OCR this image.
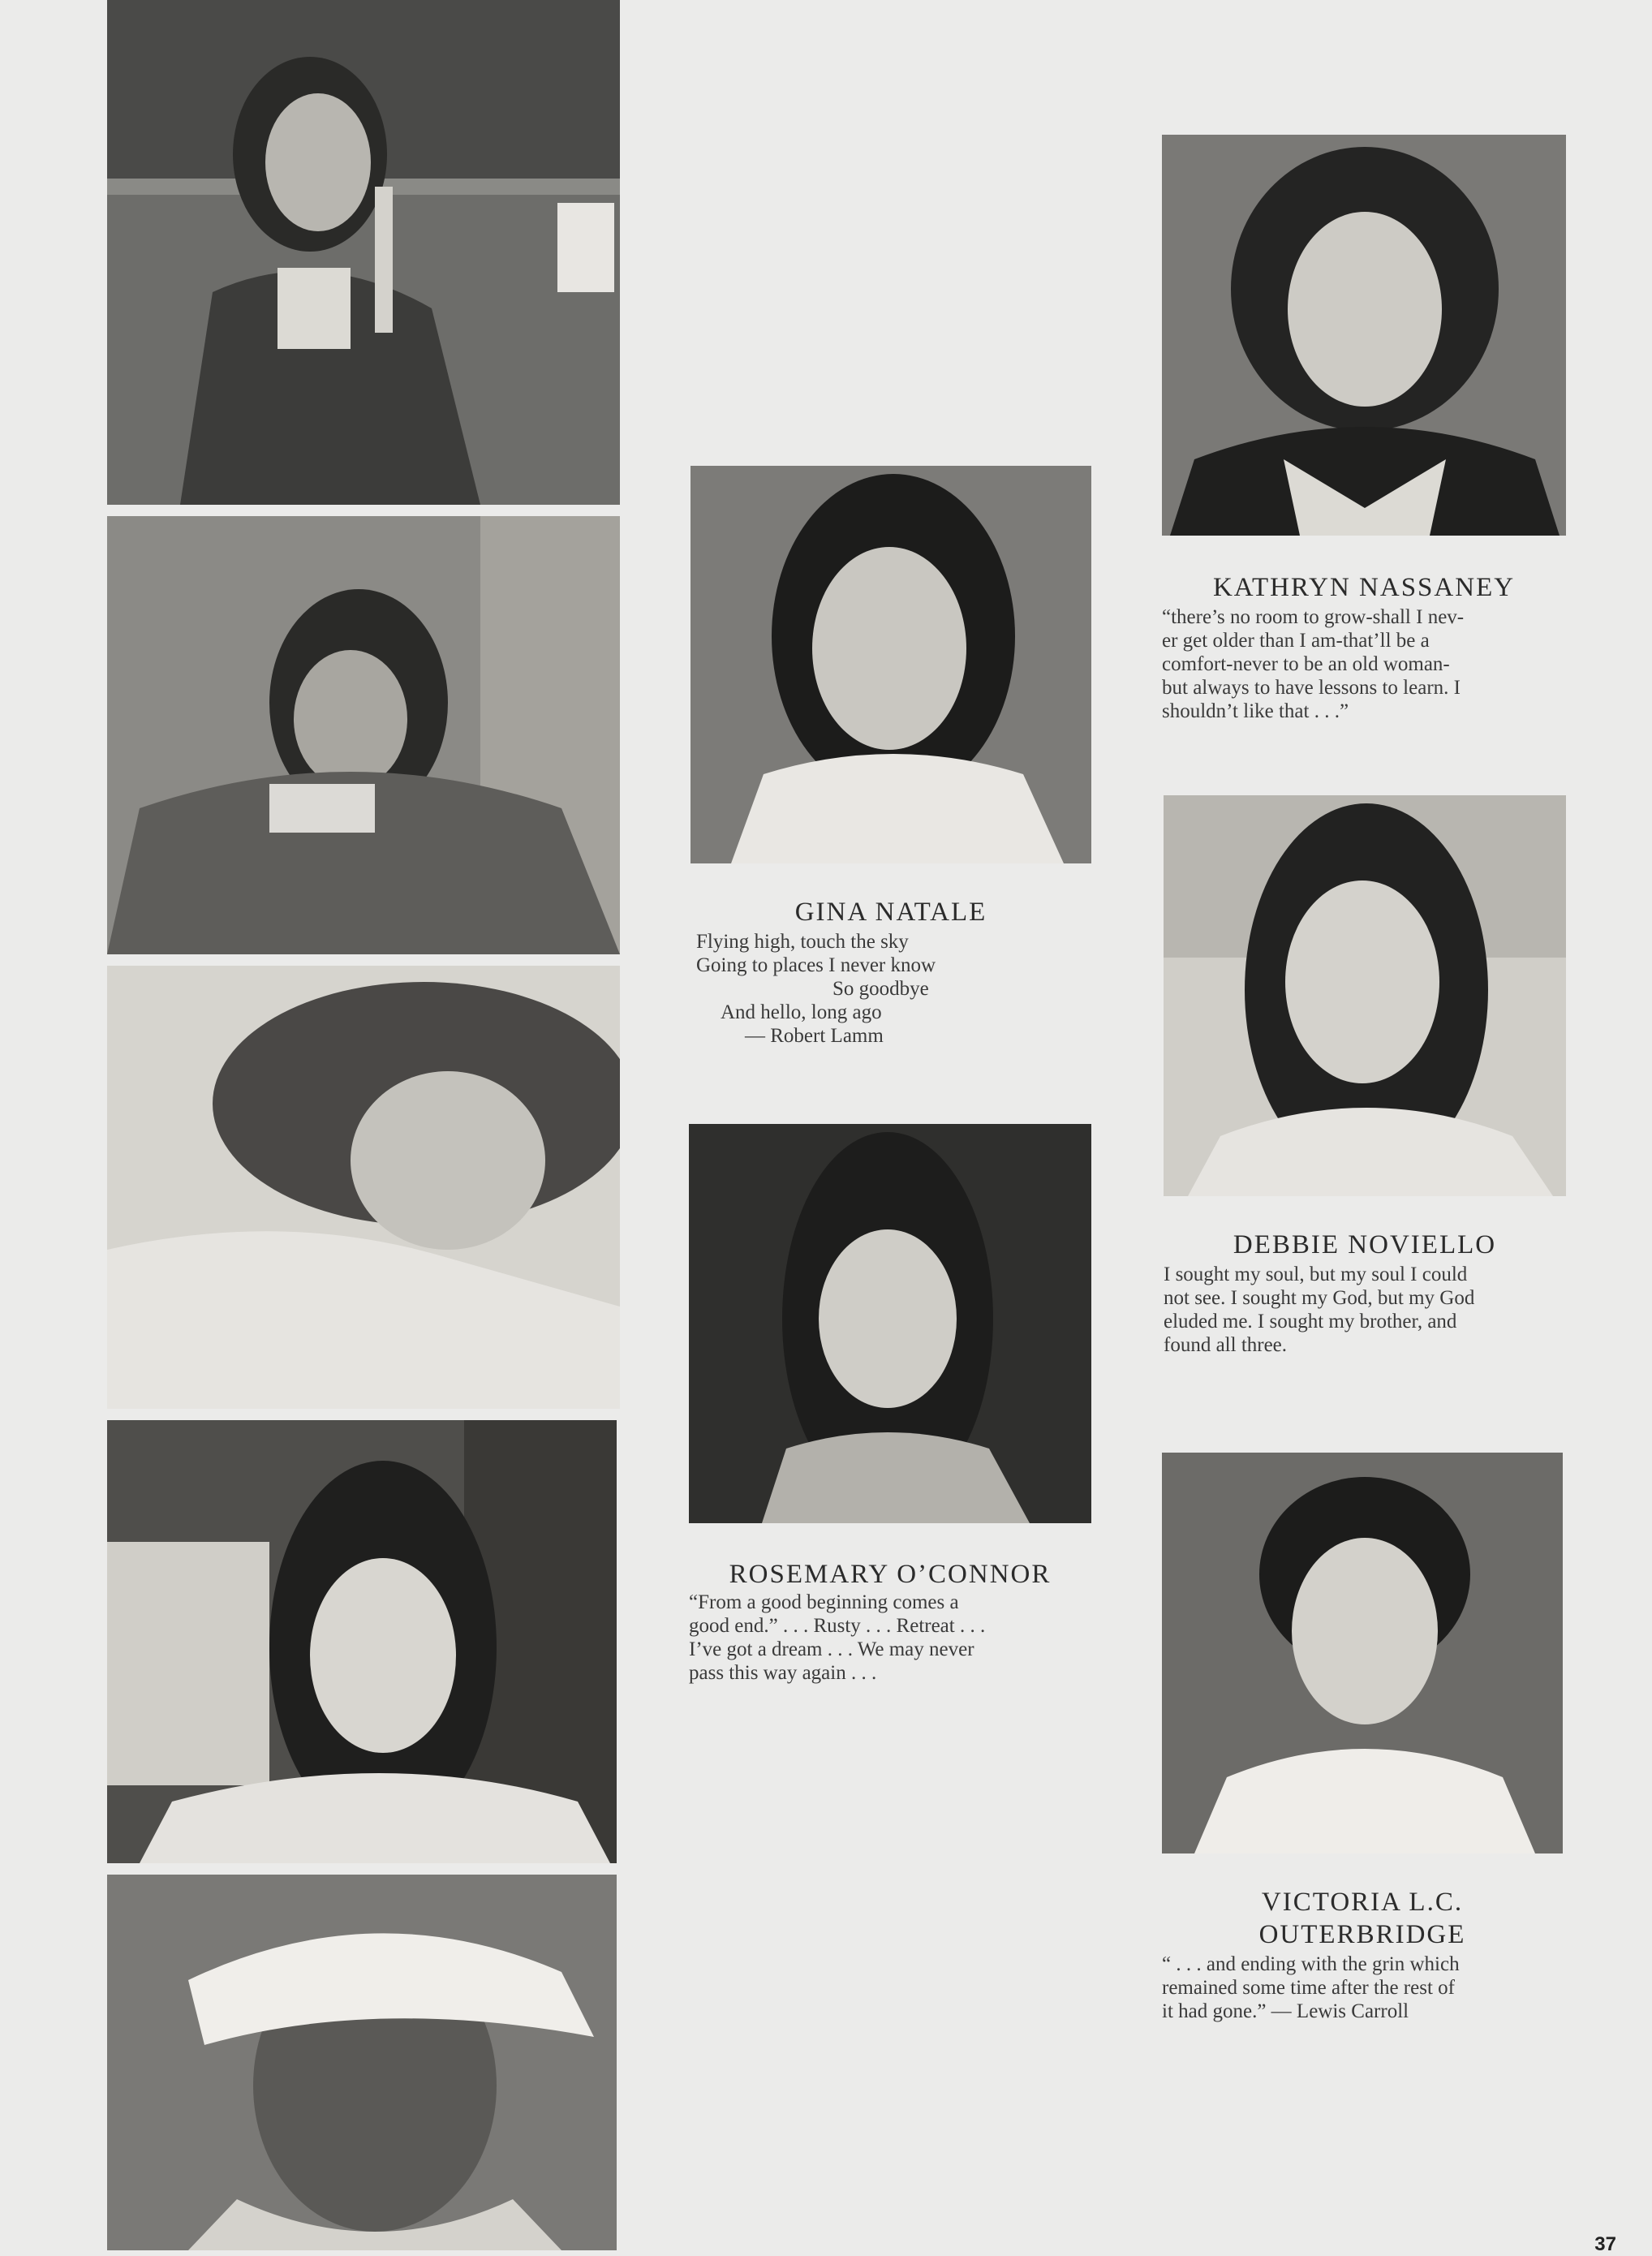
KATHRYN NASSANEY
“there’s no room to grow-shall I nev-
er get older than I am-that’ll be a
comfort-never to be an old woman-
but always to have lessons to learn. I
shouldn’t like that . . .”
GINA NATALE
Flying high, touch the sky
Going to places I never know
So goodbye
And hello, long ago
— Robert Lamm
DEBBIE NOVIELLO
I sought my soul, but my soul I could
not see. I sought my God, but my God
eluded me. I sought my brother, and
found all three.
ROSEMARY O’CONNOR
“From a good beginning comes a
good end.” . . . Rusty . . . Retreat . . .
I’ve got a dream . . . We may never
pass this way again . . .
VICTORIA L.C.
OUTERBRIDGE
“ . . . and ending with the grin which
remained some time after the rest of
it had gone.” — Lewis Carroll
37
